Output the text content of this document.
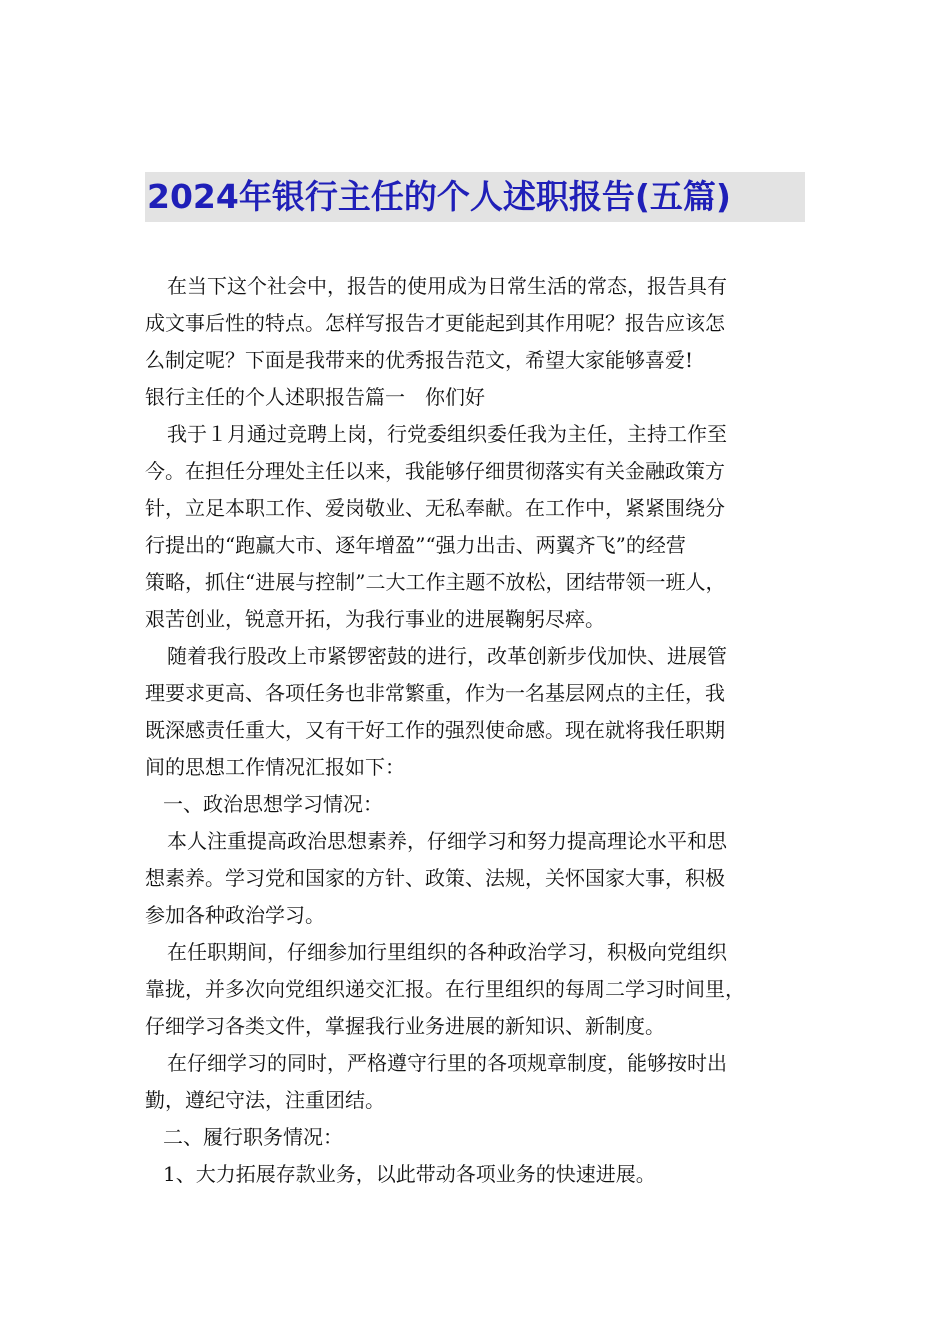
2024年银行主任的个人述职报告(五篇)
在当下这个社会中，报告的使用成为日常生活的常态，报告具有
成文事后性的特点。怎样写报告才更能起到其作用呢？报告应该怎
么制定呢？下面是我带来的优秀报告范文，希望大家能够喜爱!
银行主任的个人述职报告篇一　你们好
我于１月通过竞聘上岗，行党委组织委任我为主任，主持工作至
今。在担任分理处主任以来，我能够仔细贯彻落实有关金融政策方
针，立足本职工作、爱岗敬业、无私奉献。在工作中，紧紧围绕分
行提出的“跑赢大市、逐年增盈”“强力出击、两翼齐飞”的经营
策略，抓住“进展与控制”二大工作主题不放松，团结带领一班人，
艰苦创业，锐意开拓，为我行事业的进展鞠躬尽瘁。
随着我行股改上市紧锣密鼓的进行，改革创新步伐加快、进展管
理要求更高、各项任务也非常繁重，作为一名基层网点的主任，我
既深感责任重大，又有干好工作的强烈使命感。现在就将我任职期
间的思想工作情况汇报如下：
一、政治思想学习情况：
本人注重提高政治思想素养，仔细学习和努力提高理论水平和思
想素养。学习党和国家的方针、政策、法规，关怀国家大事，积极
参加各种政治学习。
在任职期间，仔细参加行里组织的各种政治学习，积极向党组织
靠拢，并多次向党组织递交汇报。在行里组织的每周二学习时间里，
仔细学习各类文件，掌握我行业务进展的新知识、新制度。
在仔细学习的同时，严格遵守行里的各项规章制度，能够按时出
勤，遵纪守法，注重团结。
二、履行职务情况：
1、大力拓展存款业务，以此带动各项业务的快速进展。
